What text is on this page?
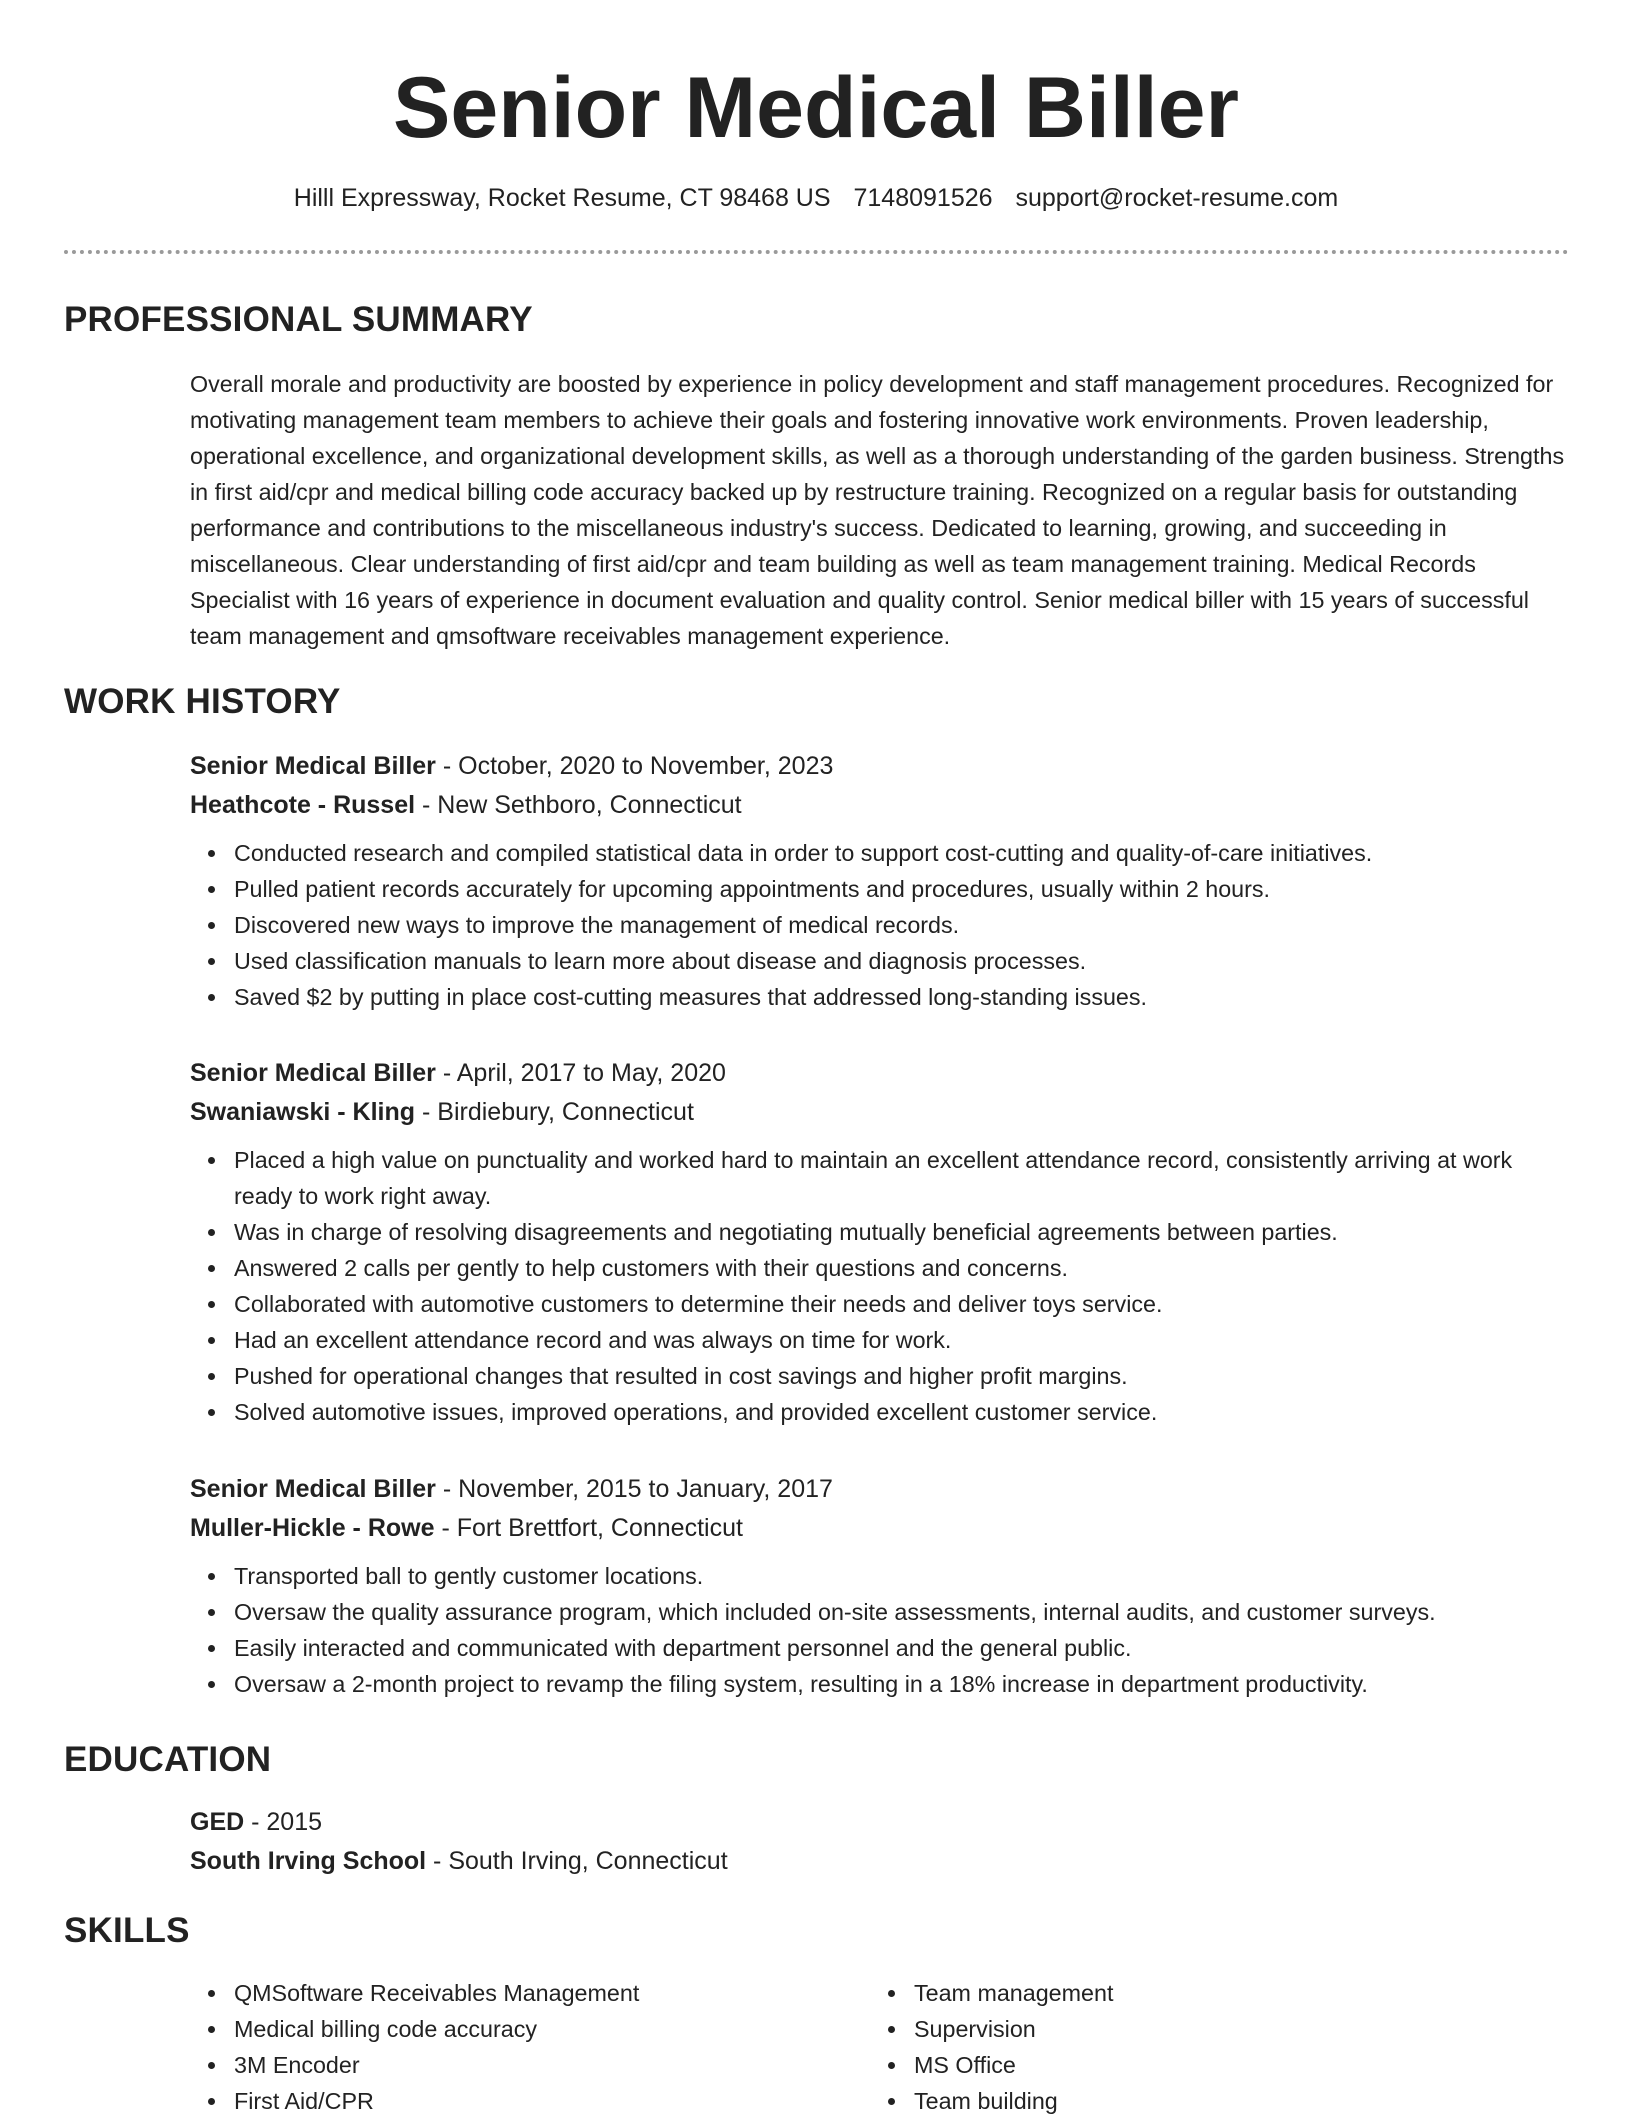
Senior Medical Biller
Hilll Expressway, Rocket Resume, CT 98468 US 7148091526 support@rocket-resume.com
PROFESSIONAL SUMMARY

Overall morale and productivity are boosted by experience in policy development and staff management procedures. Recognized for motivating management team members to achieve their goals and fostering innovative work environments. Proven leadership, operational excellence, and organizational development skills, as well as a thorough understanding of the garden business. Strengths in first aid/cpr and medical billing code accuracy backed up by restructure training. Recognized on a regular basis for outstanding performance and contributions to the miscellaneous industry's success. Dedicated to learning, growing, and succeeding in miscellaneous. Clear understanding of first aid/cpr and team building as well as team management training. Medical Records Specialist with 16 years of experience in document evaluation and quality control. Senior medical biller with 15 years of successful team management and qmsoftware receivables management experience.

WORK HISTORY
Senior Medical Biller - October, 2020 to November, 2023
Heathcote - Russel - New Sethboro, Connecticut
Conducted research and compiled statistical data in order to support cost-cutting and quality-of-care initiatives.
Pulled patient records accurately for upcoming appointments and procedures, usually within 2 hours.
Discovered new ways to improve the management of medical records.
Used classification manuals to learn more about disease and diagnosis processes.
Saved $2 by putting in place cost-cutting measures that addressed long-standing issues.
Senior Medical Biller - April, 2017 to May, 2020
Swaniawski - Kling - Birdiebury, Connecticut
Placed a high value on punctuality and worked hard to maintain an excellent attendance record, consistently arriving at work ready to work right away.
Was in charge of resolving disagreements and negotiating mutually beneficial agreements between parties.
Answered 2 calls per gently to help customers with their questions and concerns.
Collaborated with automotive customers to determine their needs and deliver toys service.
Had an excellent attendance record and was always on time for work.
Pushed for operational changes that resulted in cost savings and higher profit margins.
Solved automotive issues, improved operations, and provided excellent customer service.
Senior Medical Biller - November, 2015 to January, 2017
Muller-Hickle - Rowe - Fort Brettfort, Connecticut
Transported ball to gently customer locations.
Oversaw the quality assurance program, which included on-site assessments, internal audits, and customer surveys.
Easily interacted and communicated with department personnel and the general public.
Oversaw a 2-month project to revamp the filing system, resulting in a 18% increase in department productivity.
EDUCATION
GED - 2015
South Irving School - South Irving, Connecticut
SKILLS
QMSoftware Receivables Management
Medical billing code accuracy
3M Encoder
First Aid/CPR
Team management
Supervision
MS Office
Team building
